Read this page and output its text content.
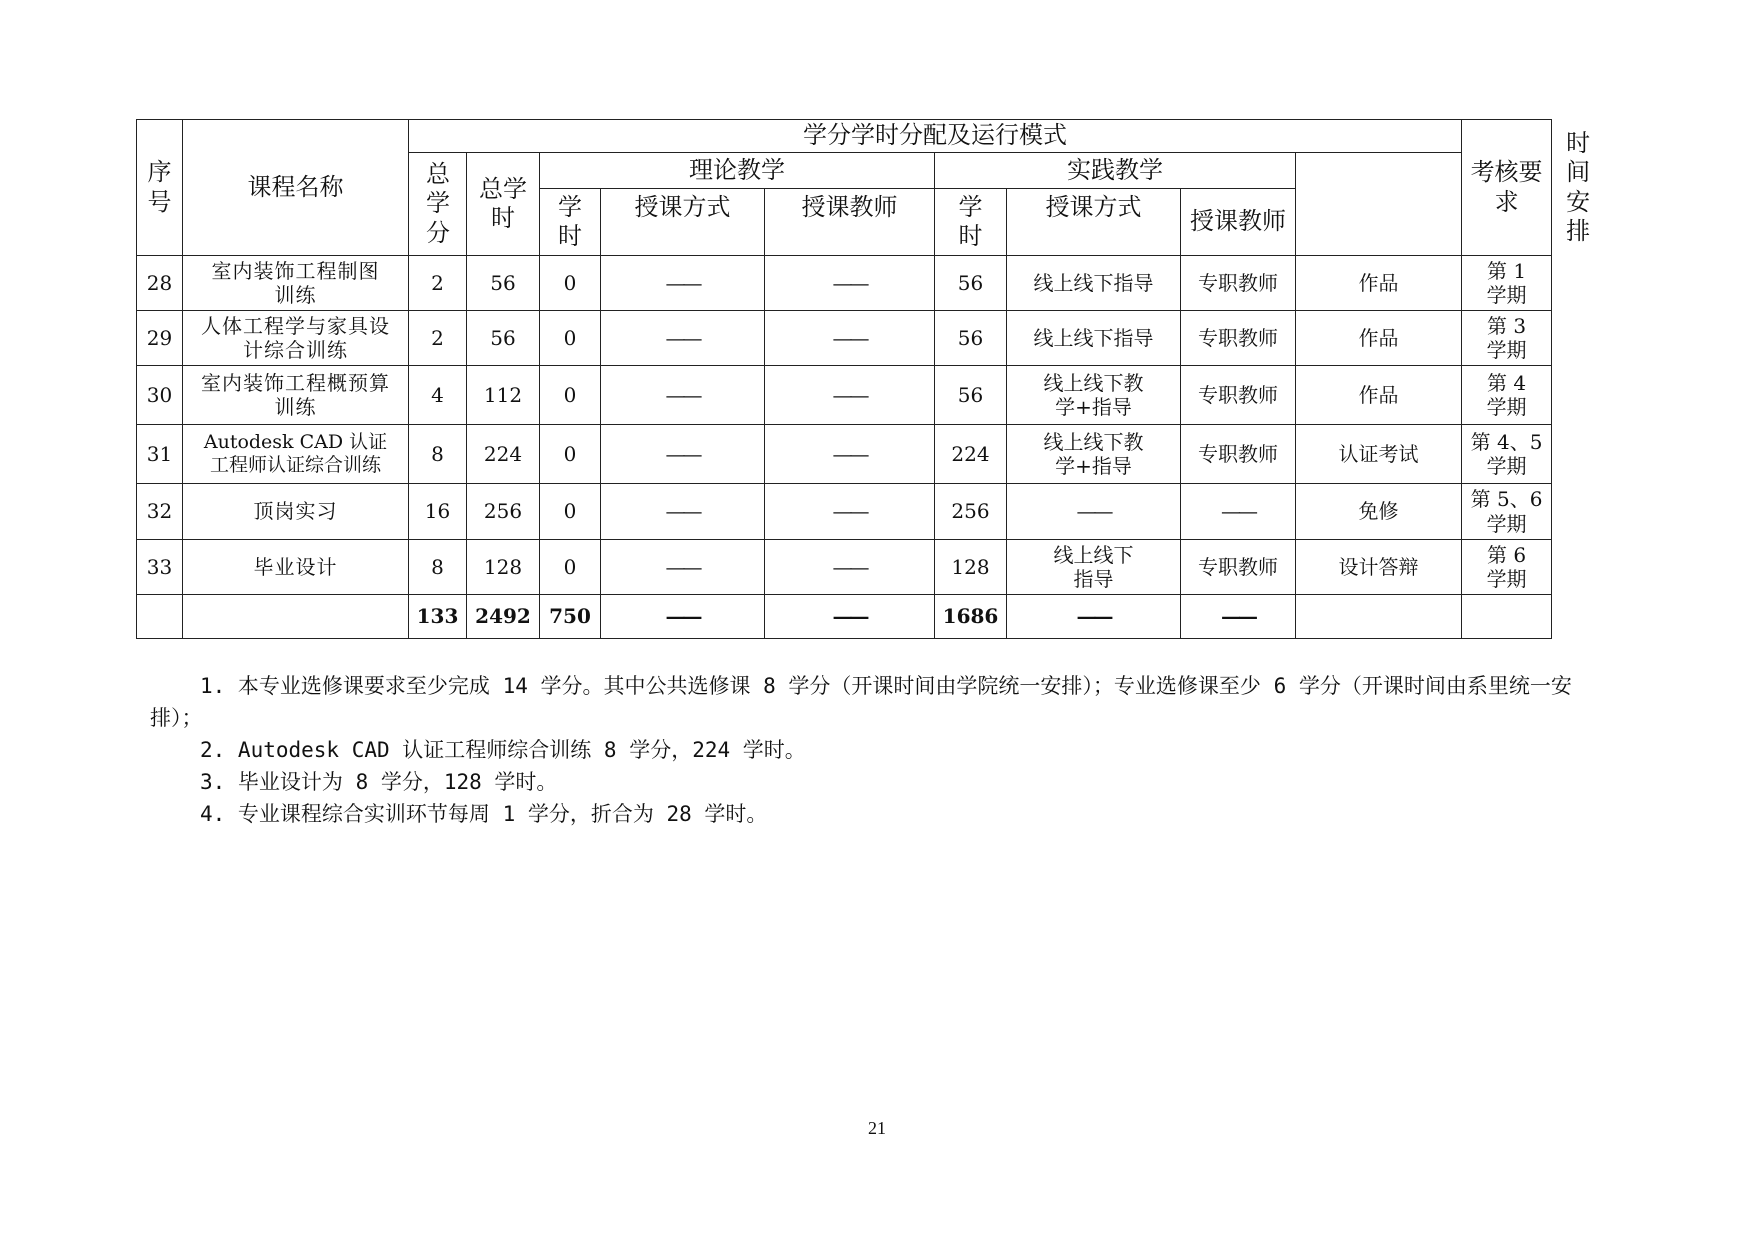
序号	课程名称	学分学时分配及运行模式									考核要求	时间安排
		总学分	总学时	理论教学			实践教学					
				学时	授课方式	授课教师	学时	授课方式	授课教师			
28	室内装饰工程制图训练	2	56	0	——	——	56	线上线下指导	专职教师	作品	第 1 学期	
29	人体工程学与家具设计综合训练	2	56	0	——	——	56	线上线下指导	专职教师	作品	第 3 学期	
30	室内装饰工程概预算训练	4	112	0	——	——	56	线上线下教学+指导	专职教师	作品	第 4 学期	
31	Autodesk CAD 认证工程师认证综合训练	8	224	0	——	——	224	线上线下教学+指导	专职教师	认证考试	第 4、5 学期	
32	顶岗实习	16	256	0	——	——	256	——	——	免修	第 5、6 学期	
33	毕业设计	8	128	0	——	——	128	线上线下指导	专职教师	设计答辩	第 6 学期	
		133	2492	750	——	——	1686	——	——			

1. 本专业选修课要求至少完成 14 学分。其中公共选修课 8 学分（开课时间由学院统一安排）；专业选修课至少 6 学分（开课时间由系里统一安排）；

2. Autodesk CAD 认证工程师综合训练 8 学分，224 学时。

3. 毕业设计为 8 学分，128 学时。

4. 专业课程综合实训环节每周 1 学分，折合为 28 学时。

21
